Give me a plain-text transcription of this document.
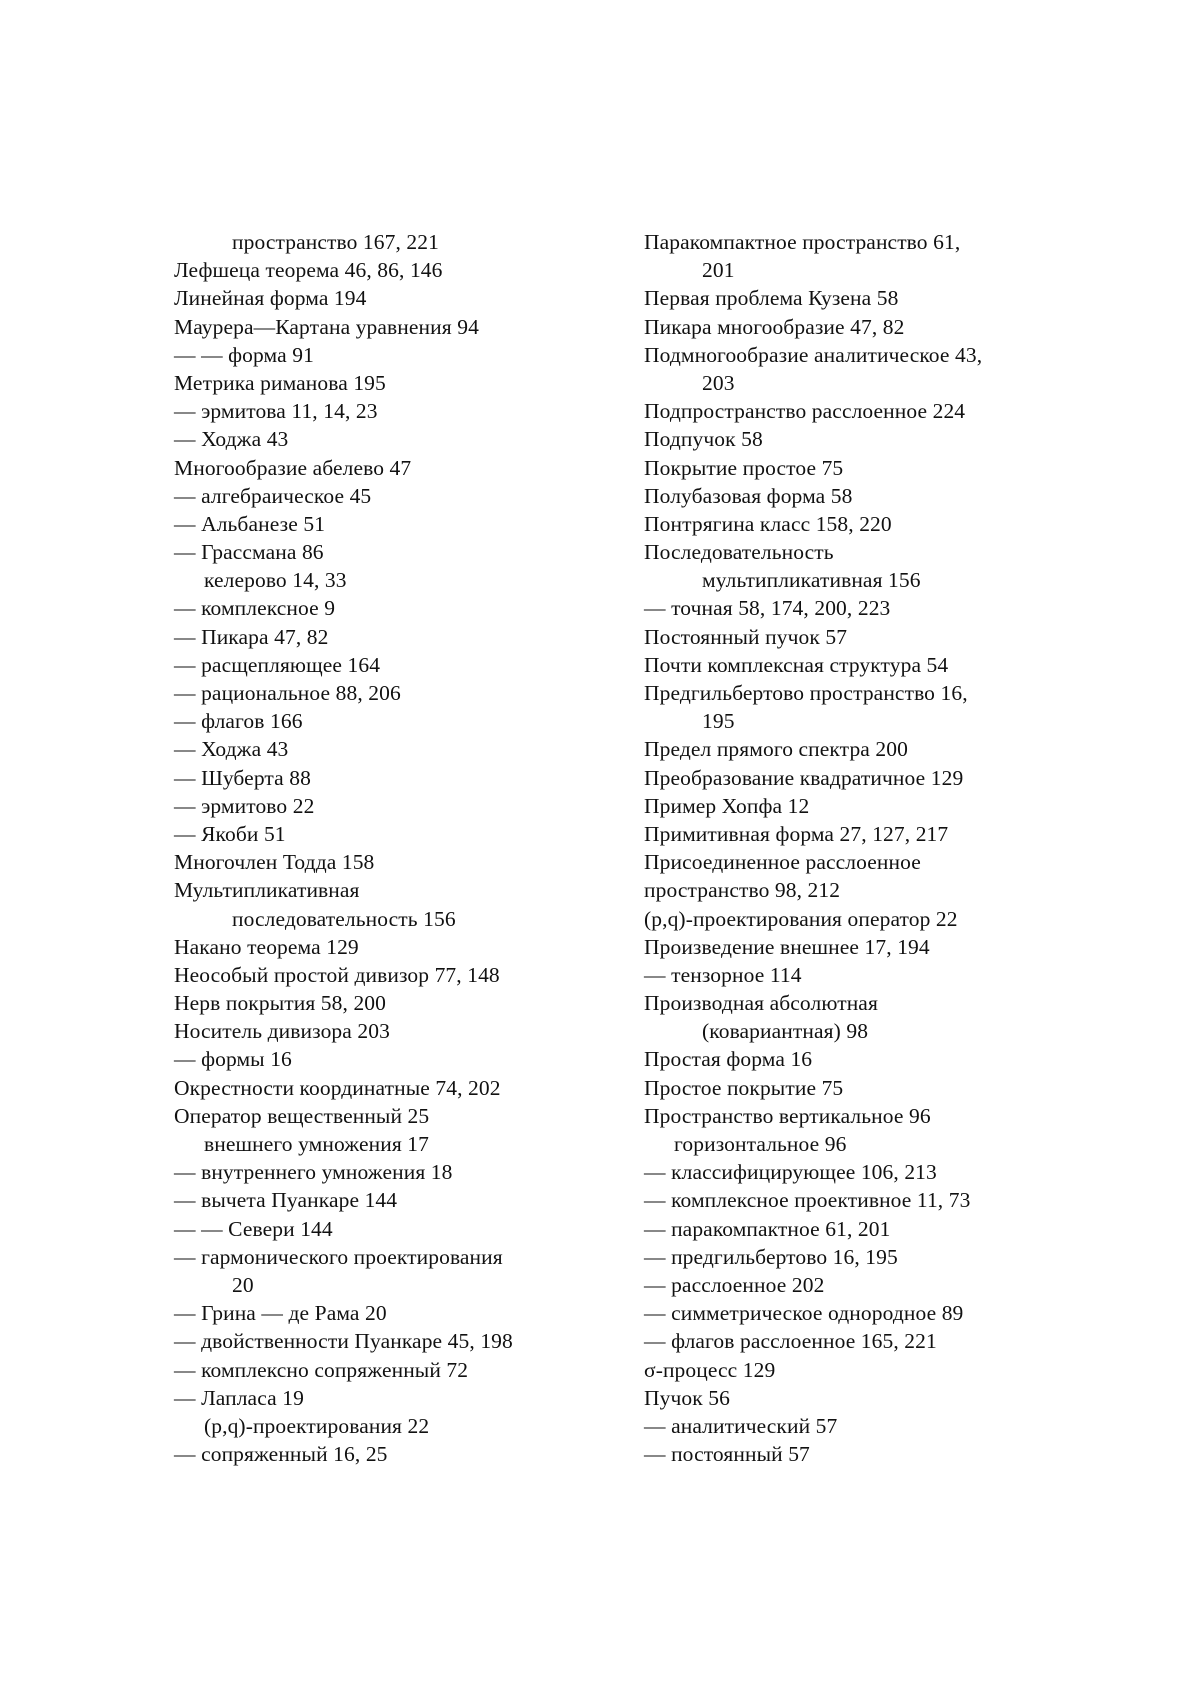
пространство 167, 221
Лефшеца теорема 46, 86, 146
Линейная форма 194
Маурера—Картана уравнения 94
— — форма 91
Метрика риманова 195
— эрмитова 11, 14, 23
— Ходжа 43
Многообразие абелево 47
— алгебраическое 45
— Альбанезе 51
— Грассмана 86
келерово 14, 33
— комплексное 9
— Пикара 47, 82
— расщепляющее 164
— рациональное 88, 206
— флагов 166
— Ходжа 43
— Шуберта 88
— эрмитово 22
— Якоби 51
Многочлен Тодда 158
Мультипликативная
последовательность 156
Накано теорема 129
Неособый простой дивизор 77, 148
Нерв покрытия 58, 200
Носитель дивизора 203
— формы 16
Окрестности координатные 74, 202
Оператор вещественный 25
внешнего умножения 17
— внутреннего умножения 18
— вычета Пуанкаре 144
— — Севери 144
— гармонического проектирования
20
— Грина — де Рама 20
— двойственности Пуанкаре 45, 198
— комплексно сопряженный 72
— Лапласа 19
(p,q)-проектирования 22
— сопряженный 16, 25
Паракомпактное пространство 61,
201
Первая проблема Кузена 58
Пикара многообразие 47, 82
Подмногообразие аналитическое 43,
203
Подпространство расслоенное 224
Подпучок 58
Покрытие простое 75
Полубазовая форма 58
Понтрягина класс 158, 220
Последовательность
мультипликативная 156
— точная 58, 174, 200, 223
Постоянный пучок 57
Почти комплексная структура 54
Предгильбертово пространство 16,
195
Предел прямого спектра 200
Преобразование квадратичное 129
Пример Хопфа 12
Примитивная форма 27, 127, 217
Присоединенное расслоенное
пространство 98, 212
(p,q)-проектирования оператор 22
Произведение внешнее 17, 194
— тензорное 114
Производная абсолютная
(ковариантная) 98
Простая форма 16
Простое покрытие 75
Пространство вертикальное 96
горизонтальное 96
— классифицирующее 106, 213
— комплексное проективное 11, 73
— паракомпактное 61, 201
— предгильбертово 16, 195
— расслоенное 202
— симметрическое однородное 89
— флагов расслоенное 165, 221
σ-процесс 129
Пучок 56
— аналитический 57
— постоянный 57
